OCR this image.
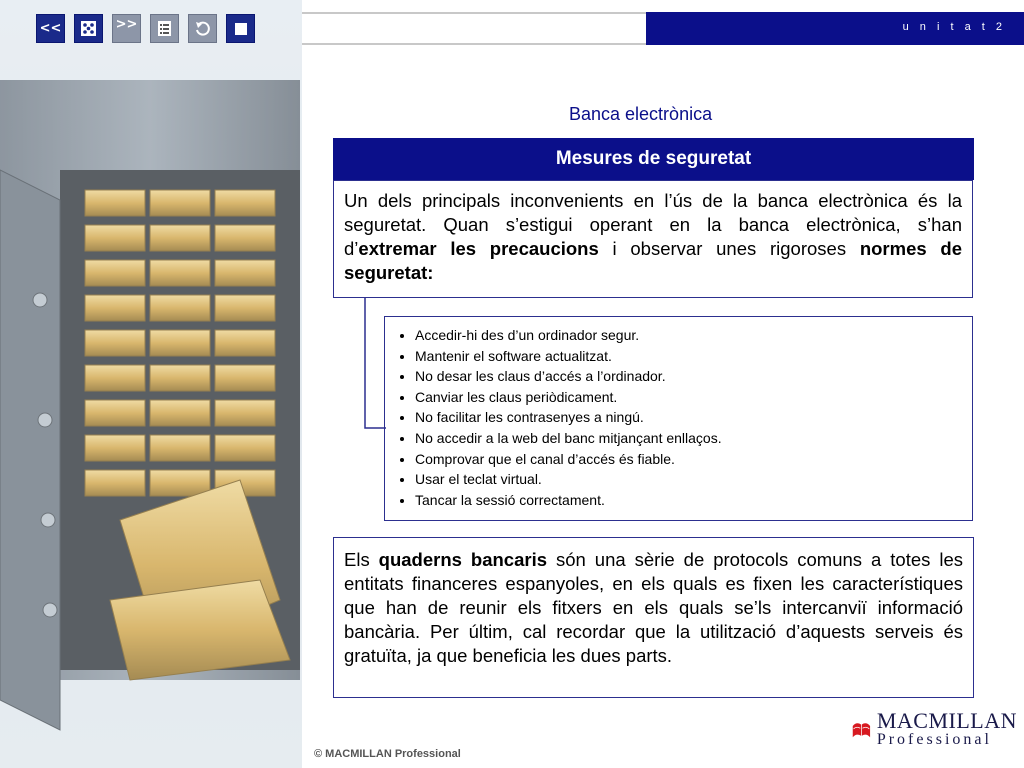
<<	>>	u n i t a t 2
Banca electrònica
Mesures de seguretat
Un dels principals inconvenients en l’ús de la banca electrònica és la seguretat. Quan s’estigui operant en la banca electrònica, s’han d’extremar les precaucions i observar unes rigoroses normes de seguretat:
• Accedir-hi des d’un ordinador segur.
• Mantenir el software actualitzat.
• No desar les claus d’accés a l’ordinador.
• Canviar les claus periòdicament.
• No facilitar les contrasenyes a ningú.
• No accedir a la web del banc mitjançant enllaços.
• Comprovar que el canal d’accés és fiable.
• Usar el teclat virtual.
• Tancar la sessió correctament.
Els quaderns bancaris són una sèrie de protocols comuns a totes les entitats financeres espanyoles, en els quals es fixen les característiques que han de reunir els fitxers en els quals se’ls intercanviï informació bancària. Per últim, cal recordar que la utilització d’aquests serveis és gratuïta, ja que beneficia les dues parts.
© MACMILLAN Professional
MACMILLAN
Professional
